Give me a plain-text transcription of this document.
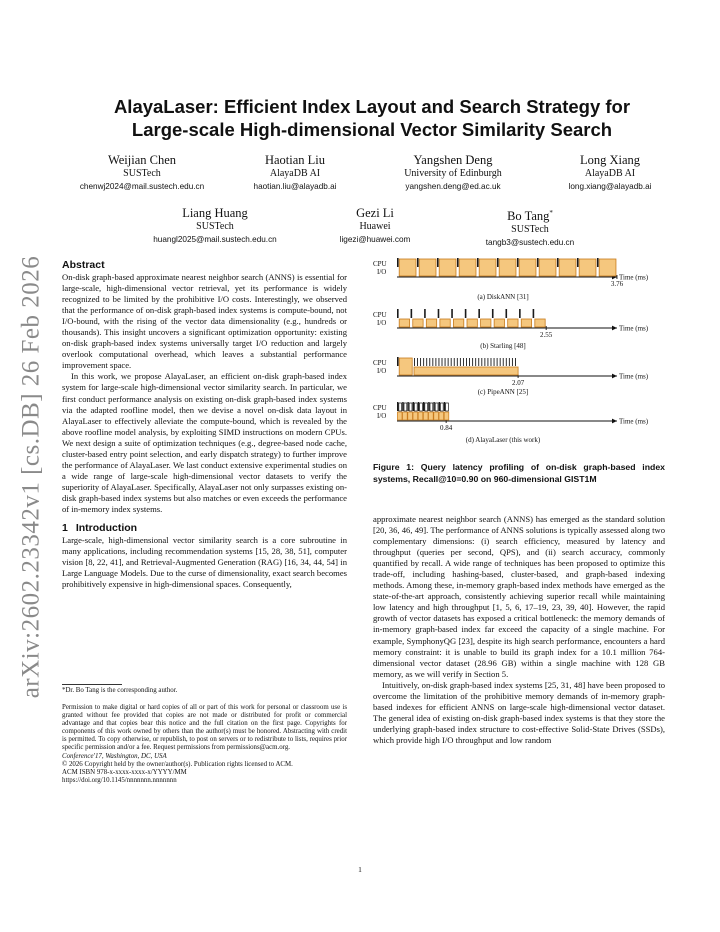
arXiv:2602.23342v1 [cs.DB] 26 Feb 2026
AlayaLaser: Efficient Index Layout and Search Strategy for
Large-scale High-dimensional Vector Similarity Search
Weijian Chen
SUSTech
chenwj2024@mail.sustech.edu.cn
Haotian Liu
AlayaDB AI
haotian.liu@alayadb.ai
Yangshen Deng
University of Edinburgh
yangshen.deng@ed.ac.uk
Long Xiang
AlayaDB AI
long.xiang@alayadb.ai
Liang Huang
SUSTech
huangl2025@mail.sustech.edu.cn
Gezi Li
Huawei
ligezi@huawei.com
Bo Tang*
SUSTech
tangb3@sustech.edu.cn
Abstract

On-disk graph-based approximate nearest neighbor search (ANNS) is essential for large-scale, high-dimensional vector retrieval, yet its performance is widely recognized to be limited by the prohibitive I/O costs. Interestingly, we observed that the performance of on-disk graph-based index systems is compute-bound, not I/O-bound, with the rising of the vector data dimensionality (e.g., hundreds or thousands). This insight uncovers a significant optimization opportunity: existing on-disk graph-based index systems universally target I/O reduction and largely overlook computational overhead, which leaves a substantial performance improvement space.

In this work, we propose AlayaLaser, an efficient on-disk graph-based index system for large-scale high-dimensional vector similarity search. In particular, we first conduct performance analysis on existing on-disk graph-based index systems via the adapted roofline model, then we devise a novel on-disk data layout in AlayaLaser to effectively alleviate the compute-bound, which is revealed by the above roofline model analysis, by exploiting SIMD instructions on modern CPUs. We next design a suite of optimization techniques (e.g., degree-based node cache, cluster-based entry point selection, and early dispatch strategy) to further improve the performance of AlayaLaser. We last conduct extensive experimental studies on a wide range of large-scale high-dimensional vector datasets to verify the superiority of AlayaLaser. Specifically, AlayaLaser not only surpasses existing on-disk graph-based index systems but also matches or even exceeds the performance of in-memory index systems.

1 Introduction

Large-scale, high-dimensional vector similarity search is a core subroutine in many applications, including recommendation systems [15, 28, 38, 51], computer vision [8, 22, 41], and Retrieval-Augmented Generation (RAG) [16, 34, 44, 54] in Large Language Models. Due to the curse of dimensionality, exact search becomes prohibitively expensive in high-dimensional spaces. Consequently,

*Dr. Bo Tang is the corresponding author.
Permission to make digital or hard copies of all or part of this work for personal or classroom use is granted without fee provided that copies are not made or distributed for profit or commercial advantage and that copies bear this notice and the full citation on the first page. Copyrights for components of this work owned by others than the author(s) must be honored. Abstracting with credit is permitted. To copy otherwise, or republish, to post on servers or to redistribute to lists, requires prior specific permission and/or a fee. Request permissions from permissions@acm.org.
Conference'17, Washington, DC, USA
© 2026 Copyright held by the owner/author(s). Publication rights licensed to ACM.
ACM ISBN 978-x-xxxx-xxxx-x/YYYY/MM
https://doi.org/10.1145/nnnnnnn.nnnnnnn
CPU
I/O
Time (ms)
3.76
(a) DiskANN [31]
CPU
I/O
Time (ms)
2.55
(b) Starling [48]
CPU
I/O
Time (ms)
2.07
(c) PipeANN [25]
CPU
I/O
Time (ms)
0.84
(d) AlayaLaser (this work)
Figure 1: Query latency profiling of on-disk graph-based index systems, Recall@10=0.90 on 960-dimensional GIST1M

approximate nearest neighbor search (ANNS) has emerged as the standard solution [20, 36, 46, 49]. The performance of ANNS solutions is typically assessed along two complementary dimensions: (i) search efficiency, measured by latency and throughput (queries per second, QPS), and (ii) search accuracy, commonly quantified by recall. A wide range of techniques has been proposed to optimize this trade-off, including hashing-based, cluster-based, and graph-based indexing methods. Among these, in-memory graph-based index methods have emerged as the state-of-the-art approach, consistently achieving superior recall while maintaining low latency and high throughput [1, 5, 6, 17–19, 23, 39, 40]. However, the rapid growth of vector datasets has exposed a critical bottleneck: the memory demands of in-memory graph-based index far exceed the capacity of a single machine. For example, SymphonyQG [23], despite its high search performance, encounters a hard memory constraint: it is unable to build its graph index for a 10.1 million 764-dimensional vector dataset (28.96 GB) within a single machine with 128 GB memory, as we will verify in Section 5.

Intuitively, on-disk graph-based index systems [25, 31, 48] have been proposed to overcome the limitation of the prohibitive memory demands of in-memory graph-based indexes for efficient ANNS on large-scale high-dimensional vector dataset. The general idea of existing on-disk graph-based index systems is that they store the underlying graph-based index structure to cost-effective Solid-State Drives (SSDs), which provide high I/O throughput and low random

1
